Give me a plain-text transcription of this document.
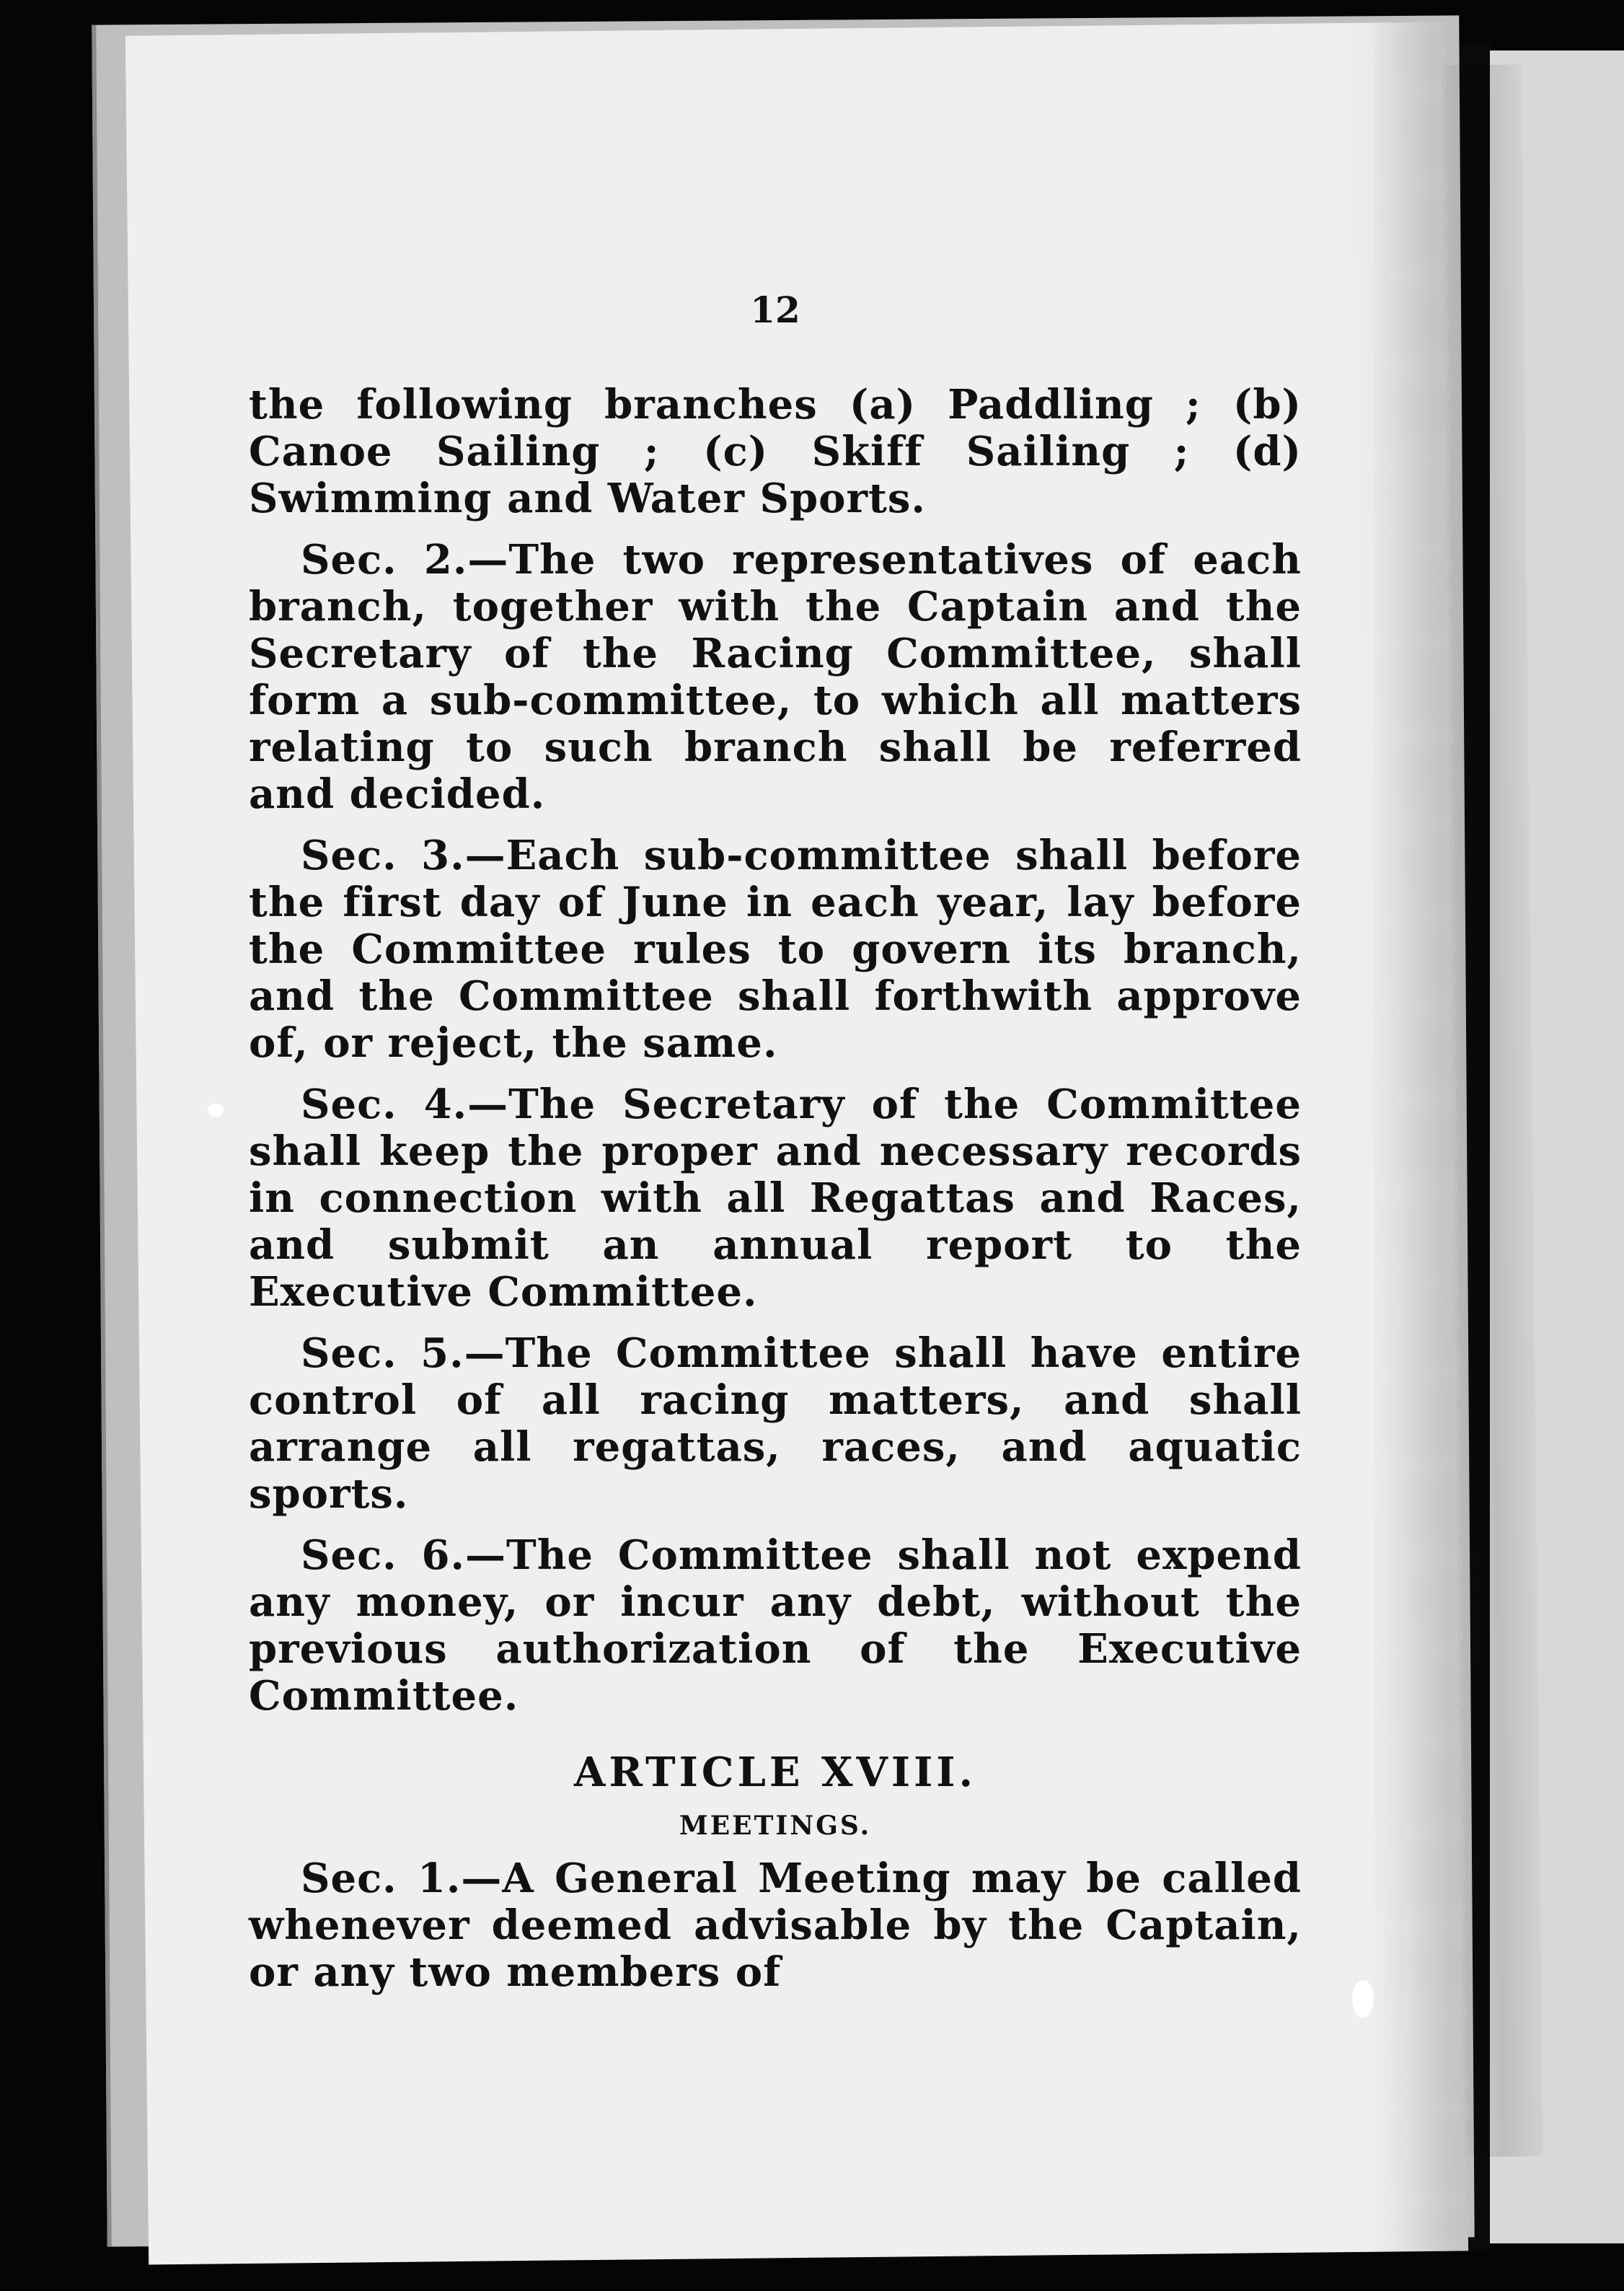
12

the following branches (a) Paddling ; (b) Canoe Sailing ; (c) Skiff Sailing ; (d) Swimming and Water Sports.

Sec. 2.—The two representatives of each branch, together with the Captain and the Secretary of the Racing Committee, shall form a sub-committee, to which all matters relating to such branch shall be referred and decided.

Sec. 3.—Each sub-committee shall before the first day of June in each year, lay before the Committee rules to govern its branch, and the Committee shall forthwith approve of, or reject, the same.

Sec. 4.—The Secretary of the Committee shall keep the proper and necessary records in connection with all Regattas and Races, and submit an annual report to the Executive Committee.

Sec. 5.—The Committee shall have entire control of all racing matters, and shall arrange all regattas, races, and aquatic sports.

Sec. 6.—The Committee shall not expend any money, or incur any debt, without the previous authorization of the Executive Committee.

ARTICLE XVIII.
MEETINGS.

Sec. 1.—A General Meeting may be called whenever deemed advisable by the Captain, or any two members of
